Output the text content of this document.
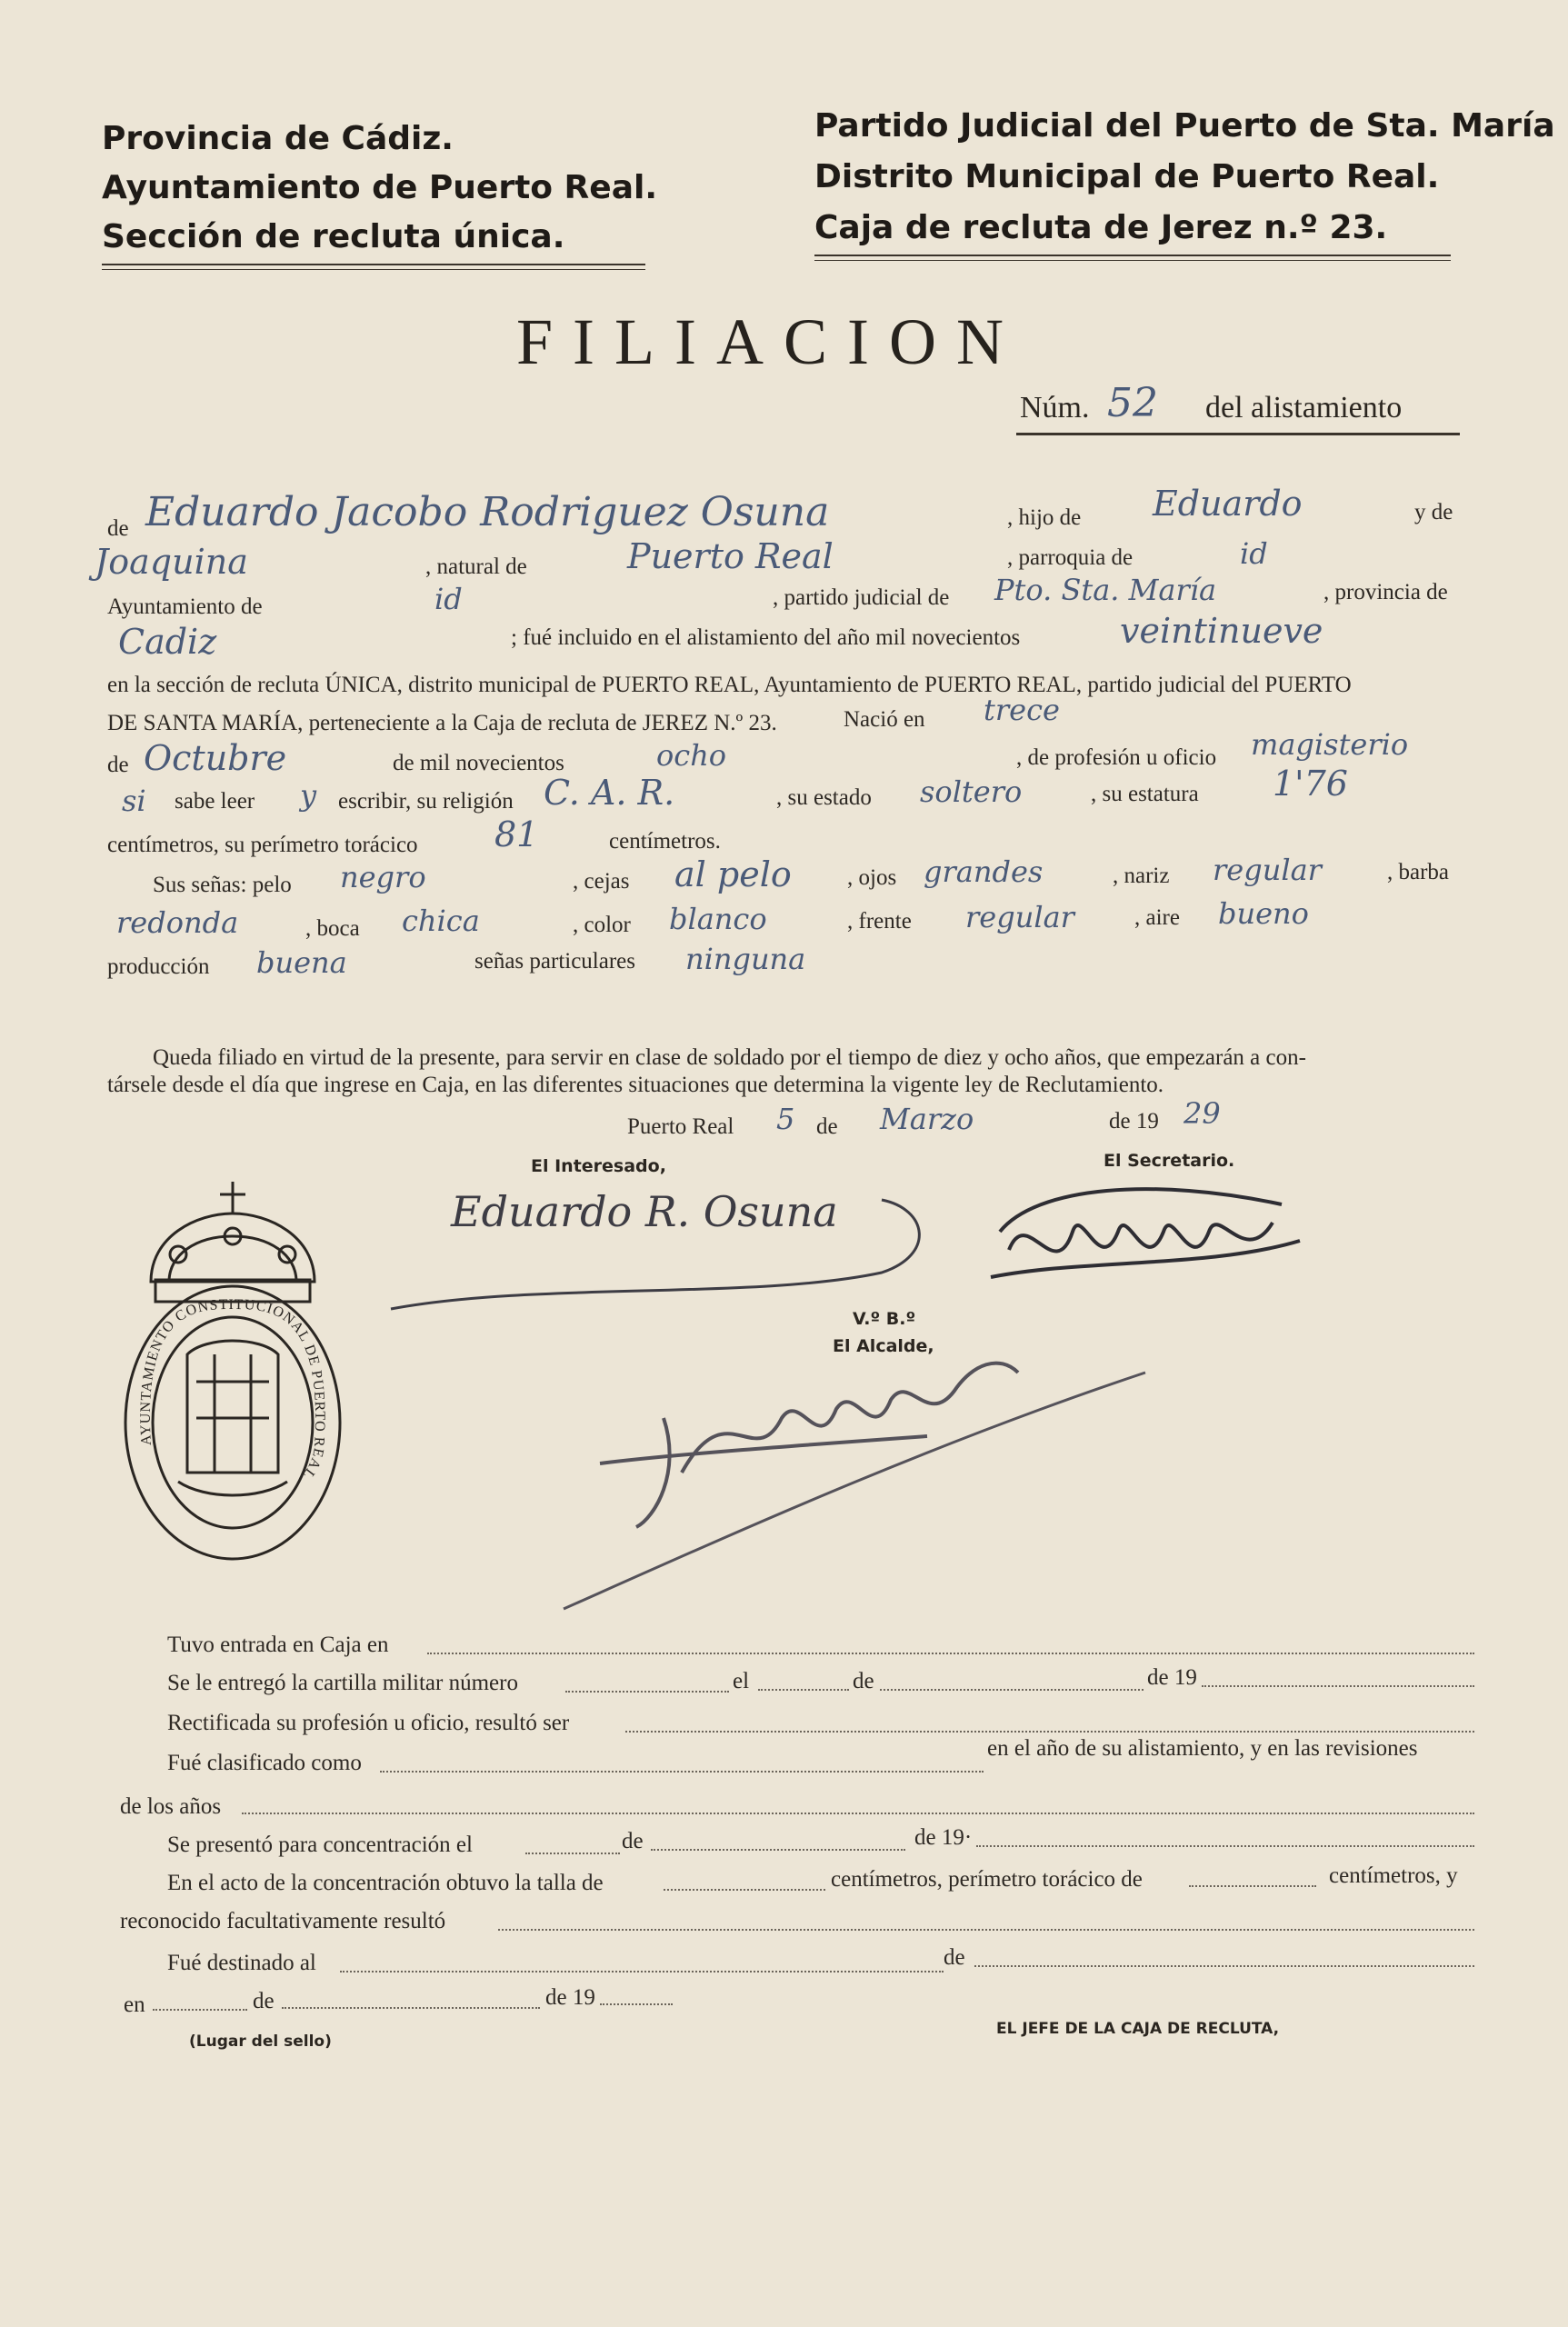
Provincia de Cádiz.
Ayuntamiento de Puerto Real.
Sección de recluta única.
Partido Judicial del Puerto de Sta. María
Distrito Municipal de Puerto Real.
Caja de recluta de Jerez n.º 23.
FILIACION
Núm. 52 del alistamiento
de Eduardo Jacobo Rodriguez Osuna	, hijo de Eduardo	y de
Joaquina	, natural de	Puerto Real	, parroquia de	id
Ayuntamiento de	id	, partido judicial de Pto. Sta. María	, provincia de
Cadiz	; fué incluido en el alistamiento del año mil novecientos	veintinueve
en la sección de recluta ÚNICA, distrito municipal de PUERTO REAL, Ayuntamiento de PUERTO REAL, partido judicial del PUERTO
DE SANTA MARÍA, perteneciente a la Caja de recluta de JEREZ N.º 23.	Nació en trece
de Octubre	de mil novecientos	ocho	, de profesión u oficio magisterio
si sabe leer y escribir, su religión C. A. R.	, su estado soltero	, su estatura 1'76
centímetros, su perímetro torácico 81	centímetros.
Sus señas: pelo negro	, cejas al pelo , ojos grandes	, nariz regular	, barba
redonda	, boca chica	, color blanco	, frente regular	, aire bueno
producción buena	señas particulares ninguna
Queda filiado en virtud de la presente, para servir en clase de soldado por el tiempo de diez y ocho años, que empezarán a con-
társele desde el día que ingrese en Caja, en las diferentes situaciones que determina la vigente ley de Reclutamiento.
Puerto Real 5 de Marzo	de 19 29
El Interesado,	El Secretario.
Eduardo R. Osuna
V.º B.º
El Alcalde,
AYUNTAMIENTO CONSTITUCIONAL DE PUERTO REAL
Tuvo entrada en Caja en
Se le entregó la cartilla militar número	el	de	de 19
Rectificada su profesión u oficio, resultó ser
Fué clasificado como
en el año de su alistamiento, y en las revisiones
de los años
Se presentó para concentración el	de	de 19·
En el acto de la concentración obtuvo la talla de	centímetros, perímetro torácico de	centímetros, y
reconocido facultativamente resultó
Fué destinado al	de
en	de	de 19
(Lugar del sello)
EL JEFE DE LA CAJA DE RECLUTA,
